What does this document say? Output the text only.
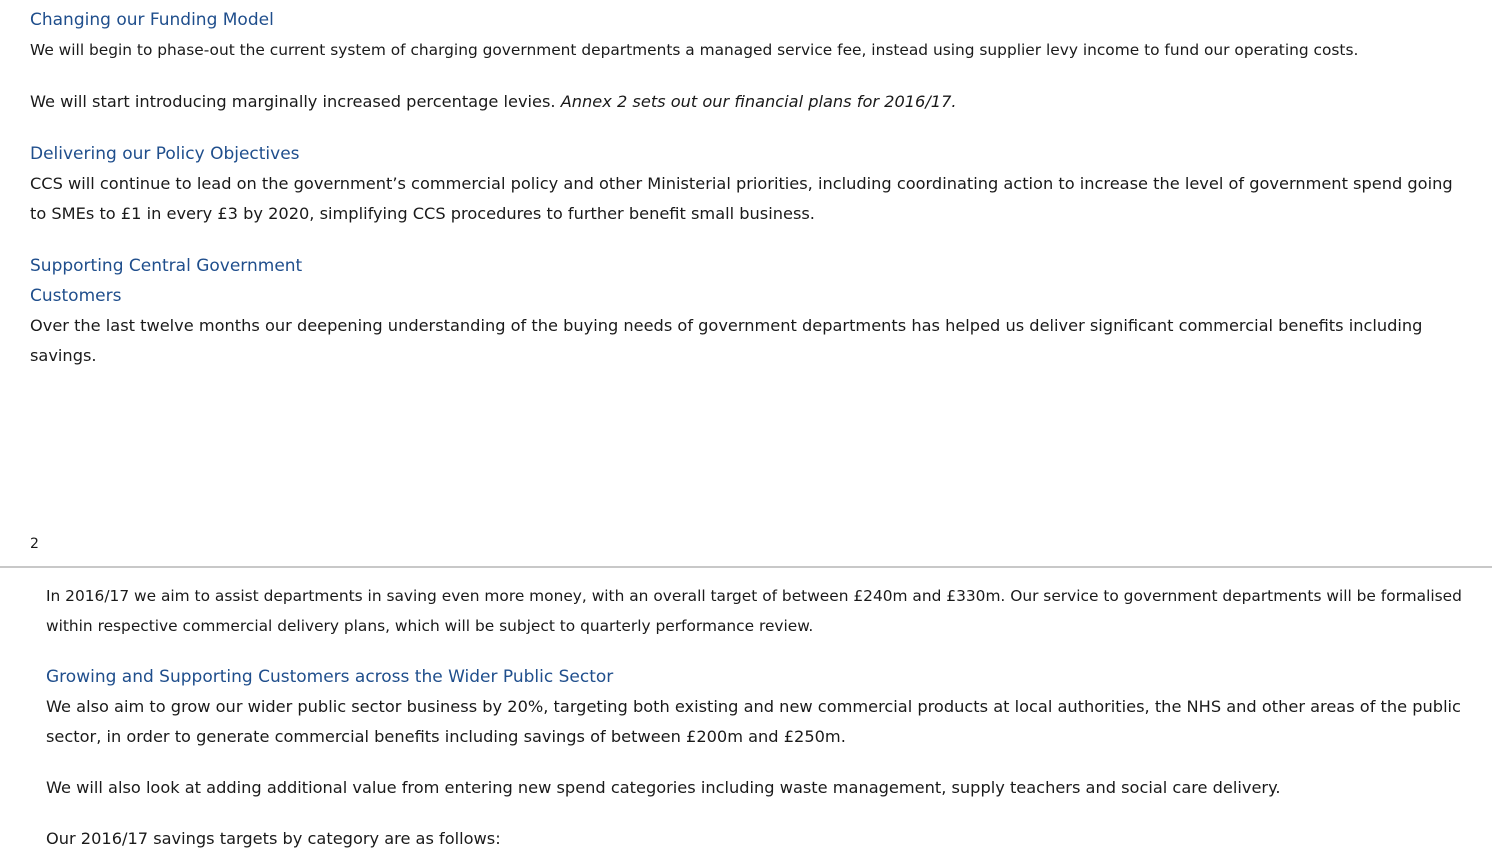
Changing our Funding Model

We will begin to phase-out the current system of charging government departments a managed service fee, instead using supplier levy income to fund our operating costs.

We will start introducing marginally increased percentage levies. Annex 2 sets out our financial plans for 2016/17.

Delivering our Policy Objectives

CCS will continue to lead on the government’s commercial policy and other Ministerial priorities, including coordinating action to increase the level of government spend going to SMEs to £1 in every £3 by 2020, simplifying CCS procedures to further benefit small business.

Supporting Central Government
Customers

Over the last twelve months our deepening understanding of the buying needs of government departments has helped us deliver significant commercial benefits including savings.

2

In 2016/17 we aim to assist departments in saving even more money, with an overall target of between £240m and £330m. Our service to government departments will be formalised within respective commercial delivery plans, which will be subject to quarterly performance review.

Growing and Supporting Customers across the Wider Public Sector

We also aim to grow our wider public sector business by 20%, targeting both existing and new commercial products at local authorities, the NHS and other areas of the public sector, in order to generate commercial benefits including savings of between £200m and £250m.

We will also look at adding additional value from entering new spend categories including waste management, supply teachers and social care delivery.

Our 2016/17 savings targets by category are as follows:
